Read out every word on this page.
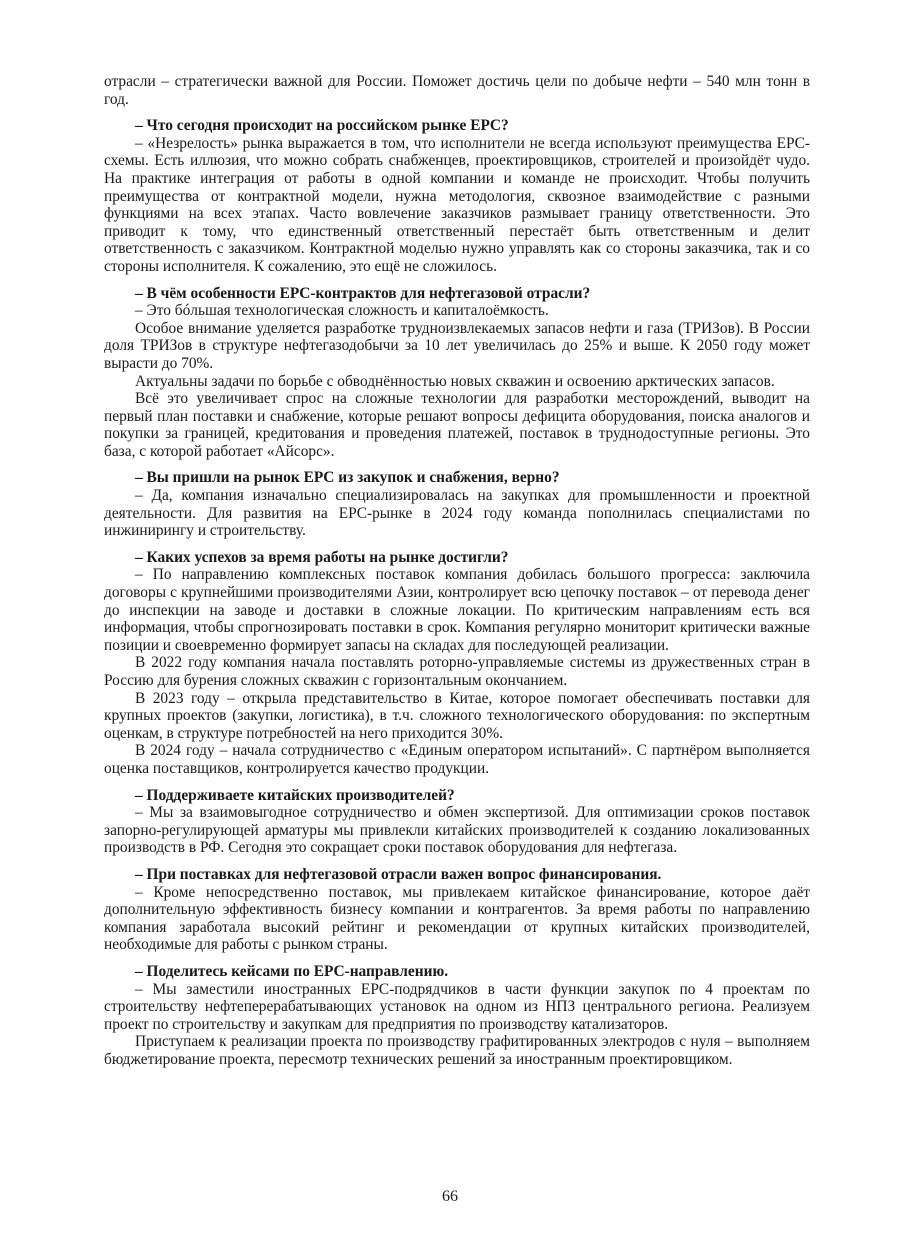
отрасли – стратегически важной для России. Поможет достичь цели по добыче нефти – 540 млн тонн в год.

– Что сегодня происходит на российском рынке EPC?

– «Незрелость» рынка выражается в том, что исполнители не всегда используют преимущества EPC-схемы. Есть иллюзия, что можно собрать снабженцев, проектировщиков, строителей и произойдёт чудо. На практике интеграция от работы в одной компании и команде не происходит. Чтобы получить преимущества от контрактной модели, нужна методология, сквозное взаимодействие с разными функциями на всех этапах. Часто вовлечение заказчиков размывает границу ответственности. Это приводит к тому, что единственный ответственный перестаёт быть ответственным и делит ответственность с заказчиком. Контрактной моделью нужно управлять как со стороны заказчика, так и со стороны исполнителя. К сожалению, это ещё не сложилось.

– В чём особенности EPC-контрактов для нефтегазовой отрасли?

– Это бóльшая технологическая сложность и капиталоёмкость.

Особое внимание уделяется разработке трудноизвлекаемых запасов нефти и газа (ТРИЗов). В России доля ТРИЗов в структуре нефтегазодобычи за 10 лет увеличилась до 25% и выше. К 2050 году может вырасти до 70%.

Актуальны задачи по борьбе с обводнённостью новых скважин и освоению арктических запасов.

Всё это увеличивает спрос на сложные технологии для разработки месторождений, выводит на первый план поставки и снабжение, которые решают вопросы дефицита оборудования, поиска аналогов и покупки за границей, кредитования и проведения платежей, поставок в труднодоступные регионы. Это база, с которой работает «Айсорс».

– Вы пришли на рынок EPC из закупок и снабжения, верно?

– Да, компания изначально специализировалась на закупках для промышленности и проектной деятельности. Для развития на EPC-рынке в 2024 году команда пополнилась специалистами по инжинирингу и строительству.

– Каких успехов за время работы на рынке достигли?

– По направлению комплексных поставок компания добилась большого прогресса: заключила договоры с крупнейшими производителями Азии, контролирует всю цепочку поставок – от перевода денег до инспекции на заводе и доставки в сложные локации. По критическим направлениям есть вся информация, чтобы спрогнозировать поставки в срок. Компания регулярно мониторит критически важные позиции и своевременно формирует запасы на складах для последующей реализации.

В 2022 году компания начала поставлять роторно-управляемые системы из дружественных стран в Россию для бурения сложных скважин с горизонтальным окончанием.

В 2023 году – открыла представительство в Китае, которое помогает обеспечивать поставки для крупных проектов (закупки, логистика), в т.ч. сложного технологического оборудования: по экспертным оценкам, в структуре потребностей на него приходится 30%.

В 2024 году – начала сотрудничество с «Единым оператором испытаний». С партнёром выполняется оценка поставщиков, контролируется качество продукции.

– Поддерживаете китайских производителей?

– Мы за взаимовыгодное сотрудничество и обмен экспертизой. Для оптимизации сроков поставок запорно-регулирующей арматуры мы привлекли китайских производителей к созданию локализованных производств в РФ. Сегодня это сокращает сроки поставок оборудования для нефтегаза.

– При поставках для нефтегазовой отрасли важен вопрос финансирования.

– Кроме непосредственно поставок, мы привлекаем китайское финансирование, которое даёт дополнительную эффективность бизнесу компании и контрагентов. За время работы по направлению компания заработала высокий рейтинг и рекомендации от крупных китайских производителей, необходимые для работы с рынком страны.

– Поделитесь кейсами по EPC-направлению.

– Мы заместили иностранных EPC-подрядчиков в части функции закупок по 4 проектам по строительству нефтеперерабатывающих установок на одном из НПЗ центрального региона. Реализуем проект по строительству и закупкам для предприятия по производству катализаторов.

Приступаем к реализации проекта по производству графитированных электродов с нуля – выполняем бюджетирование проекта, пересмотр технических решений за иностранным проектировщиком.

66
